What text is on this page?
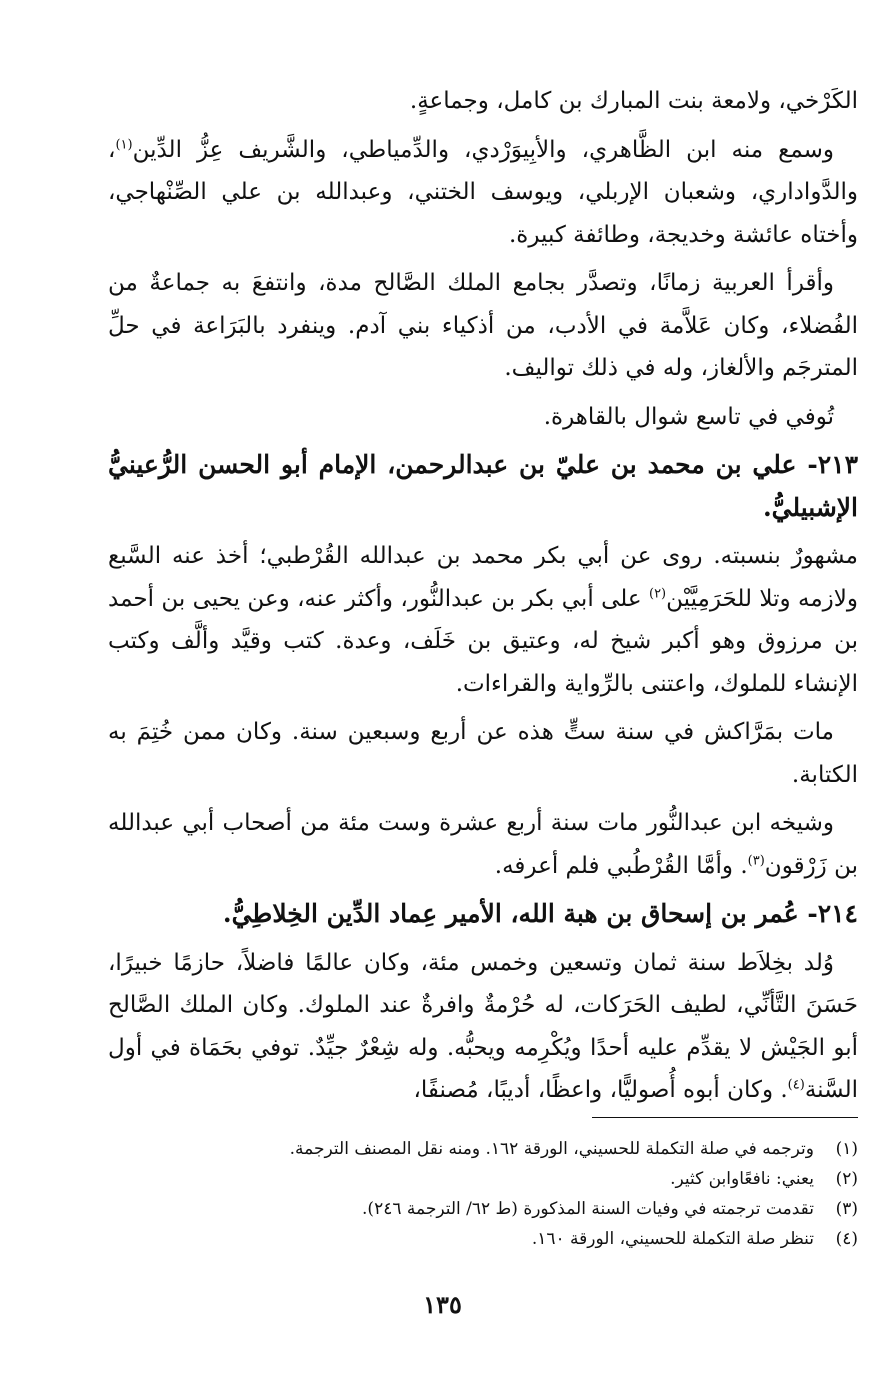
الكَرْخي، ولامعة بنت المبارك بن كامل، وجماعةٍ.

وسمع منه ابن الظَّاهري، والأبِيوَرْدي، والدِّمياطي، والشَّريف عِزُّ الدِّين$^{(١)}$، والدَّواداري، وشعبان الإربلي، ويوسف الختني، وعبدالله بن علي الصِّنْهاجي، وأختاه عائشة وخديجة، وطائفة كبيرة.

وأقرأ العربية زمانًا، وتصدَّر بجامع الملك الصَّالح مدة، وانتفعَ به جماعةٌ من الفُضلاء، وكان عَلاَّمة في الأدب، من أذكياء بني آدم. وينفرد بالبَرَاعة في حلِّ المترجَم والألغاز، وله في ذلك تواليف.

تُوفي في تاسع شوال بالقاهرة.

٢١٣- علي بن محمد بن عليّ بن عبدالرحمن، الإمام أبو الحسن الرُّعينيُّ الإشبيليُّ.

مشهورٌ بنسبته. روى عن أبي بكر محمد بن عبدالله القُرْطبي؛ أخذ عنه السَّبع ولازمه وتلا للحَرَمِيَّيْن$^{(٢)}$ على أبي بكر بن عبدالنُّور، وأكثر عنه، وعن يحيى بن أحمد بن مرزوق وهو أكبر شيخ له، وعتيق بن خَلَف، وعدة. كتب وقيَّد وألَّف وكتب الإنشاء للملوك، واعتنى بالرِّواية والقراءات.

مات بمَرَّاكش في سنة ستٍّ هذه عن أربع وسبعين سنة. وكان ممن خُتِمَ به الكتابة.

وشيخه ابن عبدالنُّور مات سنة أربع عشرة وست مئة من أصحاب أبي عبدالله بن زَرْقون$^{(٣)}$. وأمَّا القُرْطُبي فلم أعرفه.

٢١٤- عُمر بن إسحاق بن هبة الله، الأمير عِماد الدِّين الخِلاطِيُّ.

وُلد بخِلاَط سنة ثمان وتسعين وخمس مئة، وكان عالمًا فاضلاً، حازمًا خبيرًا، حَسَنَ التَّأنِّي، لطيف الحَرَكات، له حُرْمةٌ وافرةٌ عند الملوك. وكان الملك الصَّالح أبو الجَيْش لا يقدِّم عليه أحدًا ويُكْرِمه ويحبُّه. وله شِعْرٌ جيِّدٌ. توفي بحَمَاة في أول السَّنة$^{(٤)}$. وكان أبوه أُصوليًّا، واعظًا، أديبًا، مُصنفًا،

(١)
وترجمه في صلة التكملة للحسيني، الورقة ١٦٢. ومنه نقل المصنف الترجمة.
(٢)
يعني: نافعًاوابن كثير.
(٣)
تقدمت ترجمته في وفيات السنة المذكورة (ط ٦٢/ الترجمة ٢٤٦).
(٤)
تنظر صلة التكملة للحسيني، الورقة ١٦٠.
١٣٥
